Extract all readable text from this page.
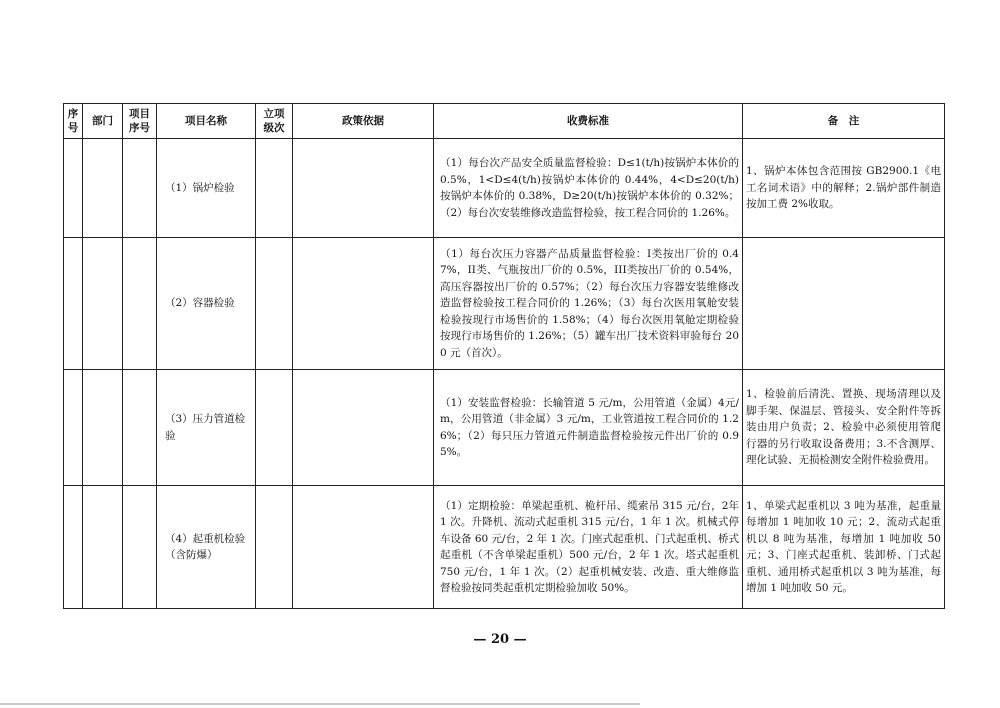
序号	部门	项目序号	项目名称	立项级次	政策依据	收费标准	备　注
			（1）锅炉检验			（1）每台次产品安全质量监督检验：D≤1(t/h)按锅炉本体价的0.5%，1<D≤4(t/h)按锅炉本体价的 0.44%，4<D≤20(t/h)按锅炉本体价的 0.38%，D≥20(t/h)按锅炉本体价的 0.32%；（2）每台次安装维修改造监督检验，按工程合同价的 1.26%。	1、锅炉本体包含范围按 GB2900.1《电工名词术语》中的解释；2.锅炉部件制造按加工费 2%收取。
			（2）容器检验			（1）每台次压力容器产品质量监督检验：I类按出厂价的 0.47%，II类、气瓶按出厂价的 0.5%，III类按出厂价的 0.54%，高压容器按出厂价的 0.57%；（2）每台次压力容器安装维修改造监督检验按工程合同价的 1.26%；（3）每台次医用氧舱安装检验按现行市场售价的 1.58%；（4）每台次医用氧舱定期检验按现行市场售价的 1.26%；（5）罐车出厂技术资料审验每台 200 元（首次）。	
			（3）压力管道检验			（1）安装监督检验：长输管道 5 元/m，公用管道（金属）4元/m，公用管道（非金属）3 元/m，工业管道按工程合同价的 1.26%；（2）每只压力管道元件制造监督检验按元件出厂价的 0.95%。	1、检验前后清洗、置换、现场清理以及脚手架、保温层、管接头、安全附件等拆装由用户负责；2、检验中必须使用管爬行器的另行收取设备费用；3.不含测厚、理化试验、无损检测安全附件检验费用。
			（4）起重机检验（含防爆）			（1）定期检验：单梁起重机、桅杆吊、缆索吊 315 元/台，2年 1 次。升降机、流动式起重机 315 元/台，1 年 1 次。机械式停车设备 60 元/台，2 年 1 次。门座式起重机、门式起重机、桥式起重机（不含单梁起重机）500 元/台，2 年 1 次。塔式起重机 750 元/台，1 年 1 次。（2）起重机械安装、改造、重大维修监督检验按同类起重机定期检验加收 50%。	1、单梁式起重机以 3 吨为基准，起重量每增加 1 吨加收 10 元；2、流动式起重机以 8 吨为基准，每增加 1 吨加收 50元；3、门座式起重机、装卸桥、门式起重机、通用桥式起重机以 3 吨为基准，每增加 1 吨加收 50 元。
— 20 —
